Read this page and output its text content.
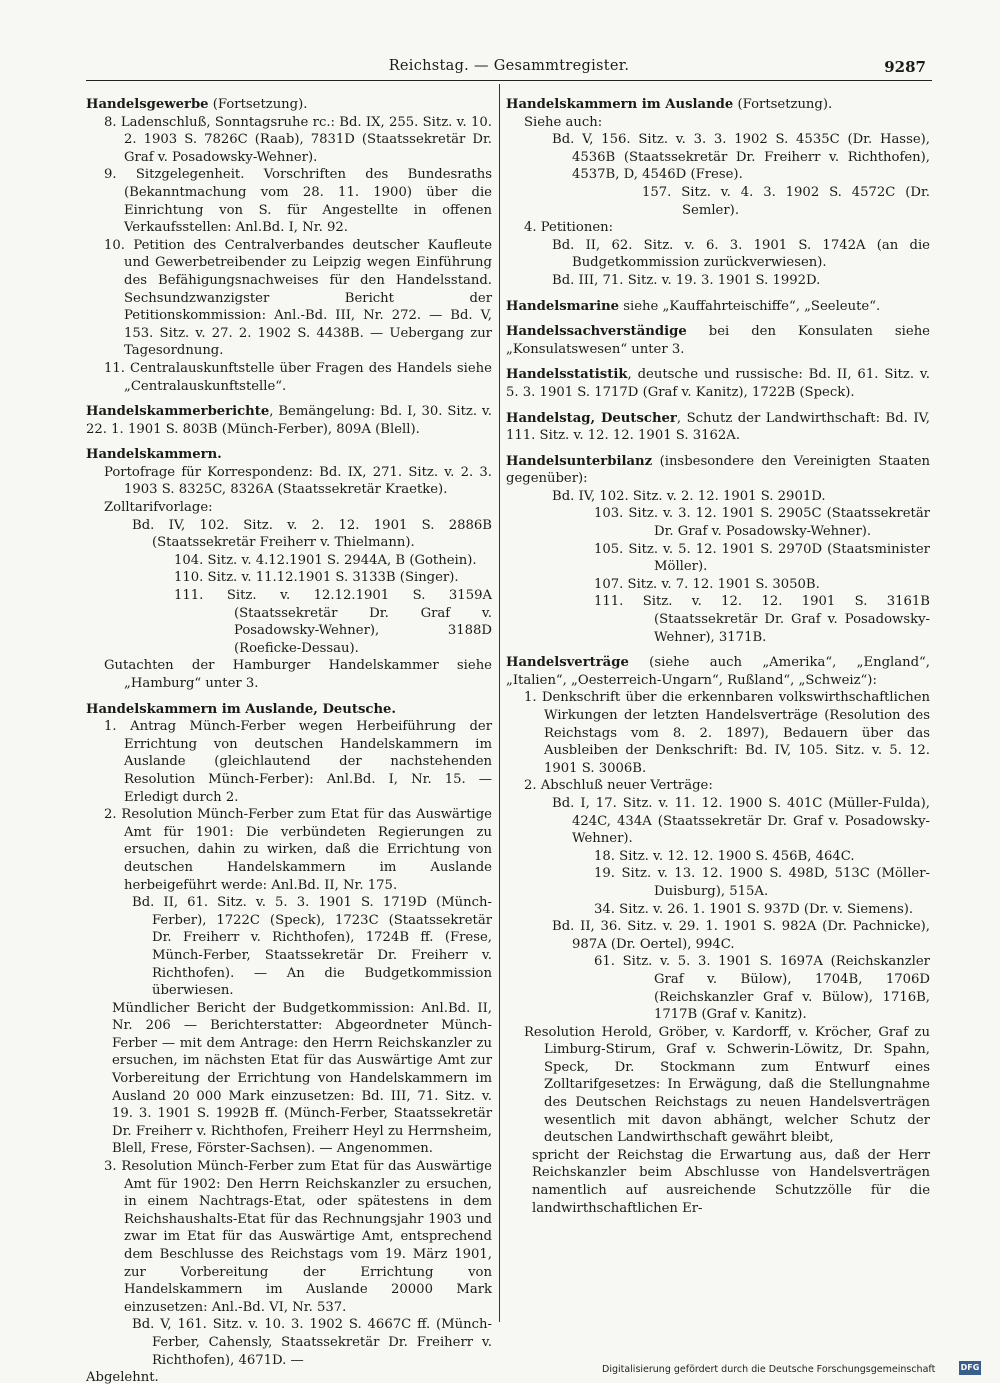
Reichstag. — Gesammtregister.	9287

Handelsgewerbe (Fortsetzung).

8. Ladenschluß, Sonntagsruhe rc.: Bd. IX, 255. Sitz. v. 10. 2. 1903 S. 7826C (Raab), 7831D (Staatssekretär Dr. Graf v. Posadowsky-Wehner).

9. Sitzgelegenheit. Vorschriften des Bundesraths (Bekanntmachung vom 28. 11. 1900) über die Einrichtung von S. für Angestellte in offenen Verkaufsstellen: Anl.Bd. I, Nr. 92.

10. Petition des Centralverbandes deutscher Kaufleute und Gewerbetreibender zu Leipzig wegen Einführung des Befähigungsnachweises für den Handelsstand. Sechsundzwanzigster Bericht der Petitionskommission: Anl.-Bd. III, Nr. 272. — Bd. V, 153. Sitz. v. 27. 2. 1902 S. 4438B. — Uebergang zur Tagesordnung.

11. Centralauskunftstelle über Fragen des Handels siehe „Centralauskunftstelle“.

Handelskammerberichte, Bemängelung: Bd. I, 30. Sitz. v. 22. 1. 1901 S. 803B (Münch-Ferber), 809A (Blell).

Handelskammern.

Portofrage für Korrespondenz: Bd. IX, 271. Sitz. v. 2. 3. 1903 S. 8325C, 8326A (Staatssekretär Kraetke).

Zolltarifvorlage:

Bd. IV, 102. Sitz. v. 2. 12. 1901 S. 2886B (Staatssekretär Freiherr v. Thielmann).

104. Sitz. v. 4.12.1901 S. 2944A, B (Gothein).

110. Sitz. v. 11.12.1901 S. 3133B (Singer).

111. Sitz. v. 12.12.1901 S. 3159A (Staatssekretär Dr. Graf v. Posadowsky-Wehner), 3188D (Roeficke-Dessau).

Gutachten der Hamburger Handelskammer siehe „Hamburg“ unter 3.

Handelskammern im Auslande, Deutsche.

1. Antrag Münch-Ferber wegen Herbeiführung der Errichtung von deutschen Handelskammern im Auslande (gleichlautend der nachstehenden Resolution Münch-Ferber): Anl.Bd. I, Nr. 15. — Erledigt durch 2.

2. Resolution Münch-Ferber zum Etat für das Auswärtige Amt für 1901: Die verbündeten Regierungen zu ersuchen, dahin zu wirken, daß die Errichtung von deutschen Handelskammern im Auslande herbeigeführt werde: Anl.Bd. II, Nr. 175.

Bd. II, 61. Sitz. v. 5. 3. 1901 S. 1719D (Münch-Ferber), 1722C (Speck), 1723C (Staatssekretär Dr. Freiherr v. Richthofen), 1724B ff. (Frese, Münch-Ferber, Staatssekretär Dr. Freiherr v. Richthofen). — An die Budgetkommission überwiesen.

Mündlicher Bericht der Budgetkommission: Anl.Bd. II, Nr. 206 — Berichterstatter: Abgeordneter Münch-Ferber — mit dem Antrage: den Herrn Reichskanzler zu ersuchen, im nächsten Etat für das Auswärtige Amt zur Vorbereitung der Errichtung von Handelskammern im Ausland 20 000 Mark einzusetzen: Bd. III, 71. Sitz. v. 19. 3. 1901 S. 1992B ff. (Münch-Ferber, Staatssekretär Dr. Freiherr v. Richthofen, Freiherr Heyl zu Herrnsheim, Blell, Frese, Förster-Sachsen). — Angenommen.

3. Resolution Münch-Ferber zum Etat für das Auswärtige Amt für 1902: Den Herrn Reichskanzler zu ersuchen, in einem Nachtrags-Etat, oder spätestens in dem Reichshaushalts-Etat für das Rechnungsjahr 1903 und zwar im Etat für das Auswärtige Amt, entsprechend dem Beschlusse des Reichstags vom 19. März 1901, zur Vorbereitung der Errichtung von Handelskammern im Auslande 20000 Mark einzusetzen: Anl.-Bd. VI, Nr. 537.

Bd. V, 161. Sitz. v. 10. 3. 1902 S. 4667C ff. (Münch-Ferber, Cahensly, Staatssekretär Dr. Freiherr v. Richthofen), 4671D. —

Abgelehnt.

Handelskammern im Auslande (Fortsetzung).

Siehe auch:

Bd. V, 156. Sitz. v. 3. 3. 1902 S. 4535C (Dr. Hasse), 4536B (Staatssekretär Dr. Freiherr v. Richthofen), 4537B, D, 4546D (Frese).

157. Sitz. v. 4. 3. 1902 S. 4572C (Dr. Semler).

4. Petitionen:

Bd. II, 62. Sitz. v. 6. 3. 1901 S. 1742A (an die Budgetkommission zurückverwiesen).

Bd. III, 71. Sitz. v. 19. 3. 1901 S. 1992D.

Handelsmarine siehe „Kauffahrteischiffe“, „Seeleute“.

Handelssachverständige bei den Konsulaten siehe „Konsulatswesen“ unter 3.

Handelsstatistik, deutsche und russische: Bd. II, 61. Sitz. v. 5. 3. 1901 S. 1717D (Graf v. Kanitz), 1722B (Speck).

Handelstag, Deutscher, Schutz der Landwirthschaft: Bd. IV, 111. Sitz. v. 12. 12. 1901 S. 3162A.

Handelsunterbilanz (insbesondere den Vereinigten Staaten gegenüber):

Bd. IV, 102. Sitz. v. 2. 12. 1901 S. 2901D.

103. Sitz. v. 3. 12. 1901 S. 2905C (Staatssekretär Dr. Graf v. Posadowsky-Wehner).

105. Sitz. v. 5. 12. 1901 S. 2970D (Staatsminister Möller).

107. Sitz. v. 7. 12. 1901 S. 3050B.

111. Sitz. v. 12. 12. 1901 S. 3161B (Staatssekretär Dr. Graf v. Posadowsky-Wehner), 3171B.

Handelsverträge (siehe auch „Amerika“, „England“, „Italien“, „Oesterreich-Ungarn“, Rußland“, „Schweiz“):

1. Denkschrift über die erkennbaren volkswirthschaftlichen Wirkungen der letzten Handelsverträge (Resolution des Reichstags vom 8. 2. 1897), Bedauern über das Ausbleiben der Denkschrift: Bd. IV, 105. Sitz. v. 5. 12. 1901 S. 3006B.

2. Abschluß neuer Verträge:

Bd. I, 17. Sitz. v. 11. 12. 1900 S. 401C (Müller-Fulda), 424C, 434A (Staatssekretär Dr. Graf v. Posadowsky-Wehner).

18. Sitz. v. 12. 12. 1900 S. 456B, 464C.

19. Sitz. v. 13. 12. 1900 S. 498D, 513C (Möller-Duisburg), 515A.

34. Sitz. v. 26. 1. 1901 S. 937D (Dr. v. Siemens).

Bd. II, 36. Sitz. v. 29. 1. 1901 S. 982A (Dr. Pachnicke), 987A (Dr. Oertel), 994C.

61. Sitz. v. 5. 3. 1901 S. 1697A (Reichskanzler Graf v. Bülow), 1704B, 1706D (Reichskanzler Graf v. Bülow), 1716B, 1717B (Graf v. Kanitz).

Resolution Herold, Gröber, v. Kardorff, v. Kröcher, Graf zu Limburg-Stirum, Graf v. Schwerin-Löwitz, Dr. Spahn, Speck, Dr. Stockmann zum Entwurf eines Zolltarifgesetzes: In Erwägung, daß die Stellungnahme des Deutschen Reichstags zu neuen Handelsverträgen wesentlich mit davon abhängt, welcher Schutz der deutschen Landwirthschaft gewährt bleibt,

spricht der Reichstag die Erwartung aus, daß der Herr Reichskanzler beim Abschlusse von Handelsverträgen namentlich auf ausreichende Schutzzölle für die landwirthschaftlichen Er-

Digitalisierung gefördert durch die Deutsche Forschungsgemeinschaft	DFG
